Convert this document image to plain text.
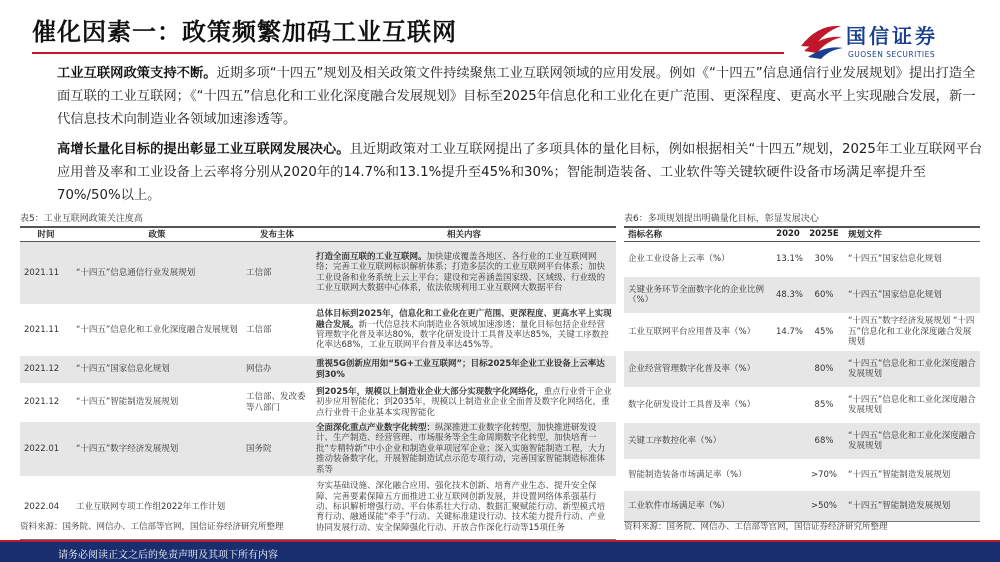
催化因素一：政策频繁加码工业互联网	国信证券
GUOSEN SECURITIES
工业互联网政策支持不断。近期多项“十四五”规划及相关政策文件持续聚焦工业互联网领域的应用发展。例如《“十四五”信息通信行业发展规划》提出打造全面互联的工业互联网；《“十四五”信息化和工业化深度融合发展规划》目标至2025年信息化和工业化在更广范围、更深程度、更高水平上实现融合发展，新一代信息技术向制造业各领域加速渗透等。
高增长量化目标的提出彰显工业互联网发展决心。且近期政策对工业互联网提出了多项具体的量化目标，例如根据相关“十四五”规划，2025年工业互联网平台应用普及率和工业设备上云率将分别从2020年的14.7%和13.1%提升至45%和30%；智能制造装备、工业软件等关键软硬件设备市场满足率提升至70%/50%以上。
表5：工业互联网政策关注度高
时间	政策	发布主体	相关内容
2021.11	“十四五”信息通信行业发展规划	工信部	打造全面互联的工业互联网。加快建成覆盖各地区、各行业的工业互联网网络；完善工业互联网标识解析体系；打造多层次的工业互联网平台体系；加快工业设备和业务系统上云上平台；建设和完善涵盖国家级、区域级、行业级的工业互联网大数据中心体系，依法依规利用工业互联网大数据平台
2021.11	“十四五”信息化和工业化深度融合发展规划	工信部	总体目标到2025年，信息化和工业化在更广范围、更深程度、更高水平上实现融合发展。新一代信息技术向制造业各领域加速渗透；量化目标包括企业经营管理数字化普及率达80%，数字化研发设计工具普及率达85%，关键工序数控化率达68%，工业互联网平台普及率达45%等。
2021.12	“十四五”国家信息化规划	网信办	重视5G创新应用如“5G+工业互联网”；目标2025年企业工业设备上云率达到30%
2021.12	“十四五”智能制造发展规划	工信部、发改委等八部门	到2025年，规模以上制造业企业大部分实现数字化网络化，重点行业骨干企业初步应用智能化；到2035年，规模以上制造业企业全面普及数字化网络化，重点行业骨干企业基本实现智能化
2022.01	“十四五”数字经济发展规划	国务院	全面深化重点产业数字化转型：纵深推进工业数字化转型，加快推进研发设计、生产制造、经营管理、市场服务等全生命周期数字化转型，加快培育一批“专精特新”中小企业和制造业单项冠军企业；深入实施智能制造工程，大力推动装备数字化，开展智能制造试点示范专项行动，完善国家智能制造标准体系等
2022.04	工业互联网专项工作组2022年工作计划		夯实基础设施、深化融合应用、强化技术创新、培育产业生态、提升安全保障、完善要素保障五方面推进工业互联网创新发展，并设置网络体系强基行动、标识解析增强行动、平台体系壮大行动、数据汇聚赋能行动、新型模式培育行动、融通谋能“牵手”行动、关键标准建设行动、技术能力提升行动、产业协同发展行动、安全保障强化行动、开放合作深化行动等15项任务
资料来源：国务院、网信办、工信部等官网，国信证券经济研究所整理
表6：多项规划提出明确量化目标，彰显发展决心
指标名称	2020	2025E	规划文件
企业工业设备上云率（%）	13.1%	30%	“十四五”国家信息化规划
关键业务环节全面数字化的企业比例（%）	48.3%	60%	“十四五”国家信息化规划
工业互联网平台应用普及率（%）	14.7%	45%	“十四五”数字经济发展规划 “十四五”信息化和工业化深度融合发展规划
企业经营管理数字化普及率（%）		80%	“十四五”信息化和工业化深度融合发展规划
数字化研发设计工具普及率（%）		85%	“十四五”信息化和工业化深度融合发展规划
关键工序数控化率（%）		68%	“十四五”信息化和工业化深度融合发展规划
智能制造装备市场满足率（%）		>70%	“十四五”智能制造发展规划
工业软件市场满足率（%）		>50%	“十四五”智能制造发展规划
资料来源：国务院、网信办、工信部等官网，国信证券经济研究所整理
请务必阅读正文之后的免责声明及其项下所有内容
